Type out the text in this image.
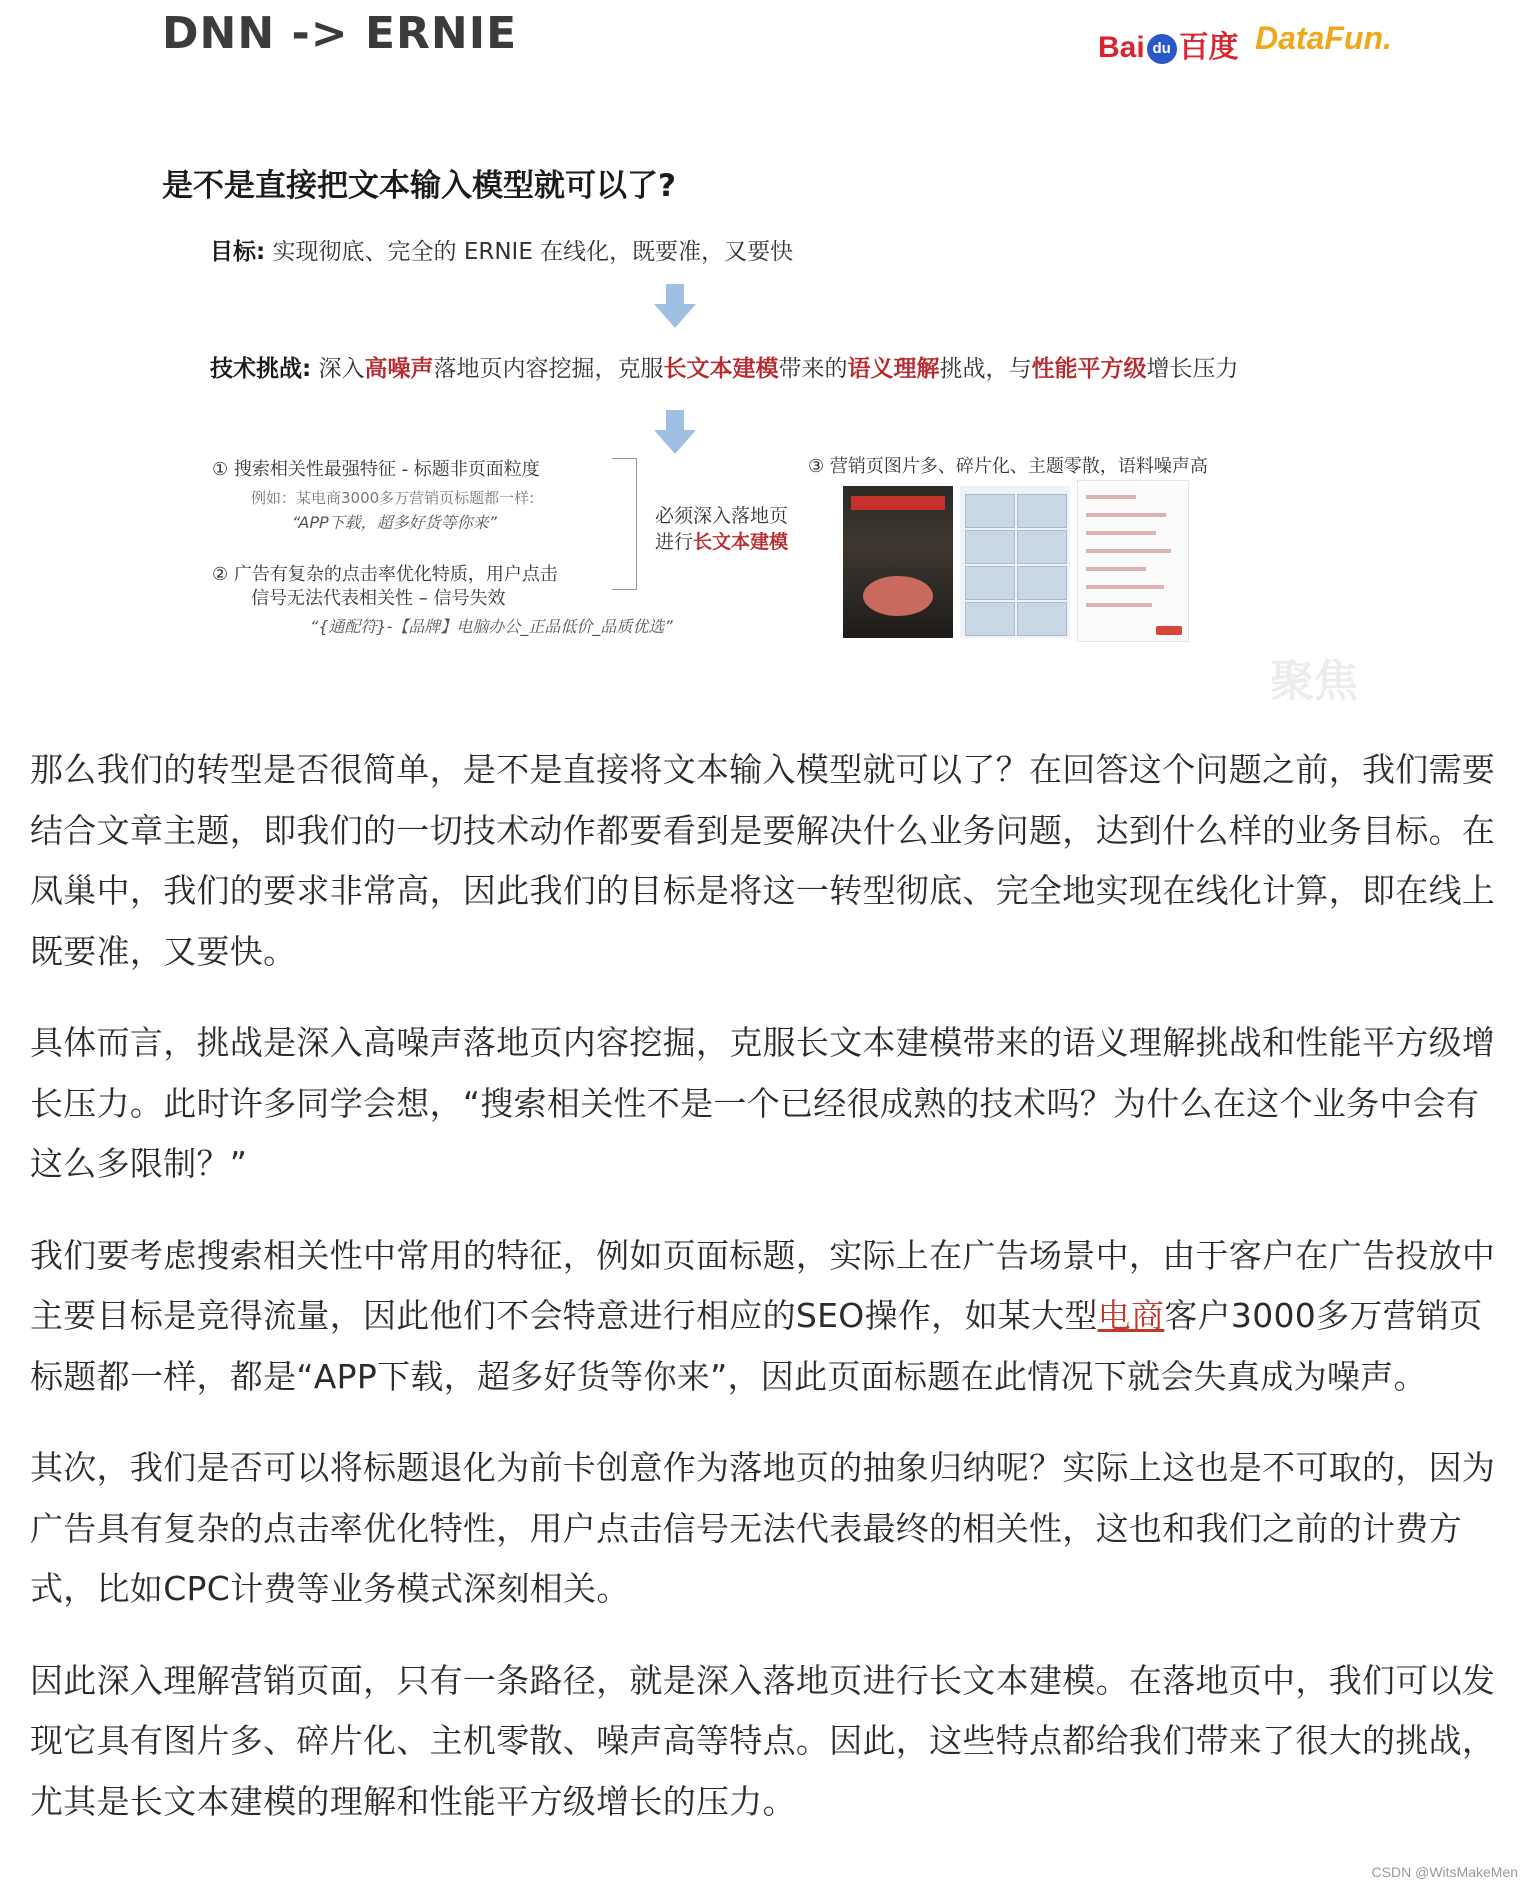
DNN -> ERNIE	Bai du 百度 DataFun.
是不是直接把文本输入模型就可以了?
目标: 实现彻底、完全的 ERNIE 在线化，既要准，又要快
技术挑战: 深入高噪声落地页内容挖掘，克服长文本建模带来的语义理解挑战，与性能平方级增长压力
① 搜索相关性最强特征 - 标题非页面粒度
例如：某电商3000多万营销页标题都一样:
“APP下载，超多好货等你来”
② 广告有复杂的点击率优化特质，用户点击
信号无法代表相关性 – 信号失效
“{通配符}-【品牌】电脑办公_正品低价_品质优选”
必须深入落地页
进行长文本建模
③ 营销页图片多、碎片化、主题零散，语料噪声高
聚焦

那么我们的转型是否很简单，是不是直接将文本输入模型就可以了？在回答这个问题之前，我们需要结合文章主题，即我们的一切技术动作都要看到是要解决什么业务问题，达到什么样的业务目标。在凤巢中，我们的要求非常高，因此我们的目标是将这一转型彻底、完全地实现在线化计算，即在线上既要准，又要快。

具体而言，挑战是深入高噪声落地页内容挖掘，克服长文本建模带来的语义理解挑战和性能平方级增长压力。此时许多同学会想，“搜索相关性不是一个已经很成熟的技术吗？为什么在这个业务中会有这么多限制？”

我们要考虑搜索相关性中常用的特征，例如页面标题，实际上在广告场景中，由于客户在广告投放中主要目标是竞得流量，因此他们不会特意进行相应的SEO操作，如某大型电商客户3000多万营销页标题都一样，都是“APP下载，超多好货等你来”，因此页面标题在此情况下就会失真成为噪声。

其次，我们是否可以将标题退化为前卡创意作为落地页的抽象归纳呢？实际上这也是不可取的，因为广告具有复杂的点击率优化特性，用户点击信号无法代表最终的相关性，这也和我们之前的计费方式，比如CPC计费等业务模式深刻相关。

因此深入理解营销页面，只有一条路径，就是深入落地页进行长文本建模。在落地页中，我们可以发现它具有图片多、碎片化、主机零散、噪声高等特点。因此，这些特点都给我们带来了很大的挑战，尤其是长文本建模的理解和性能平方级增长的压力。

CSDN @WitsMakeMen
